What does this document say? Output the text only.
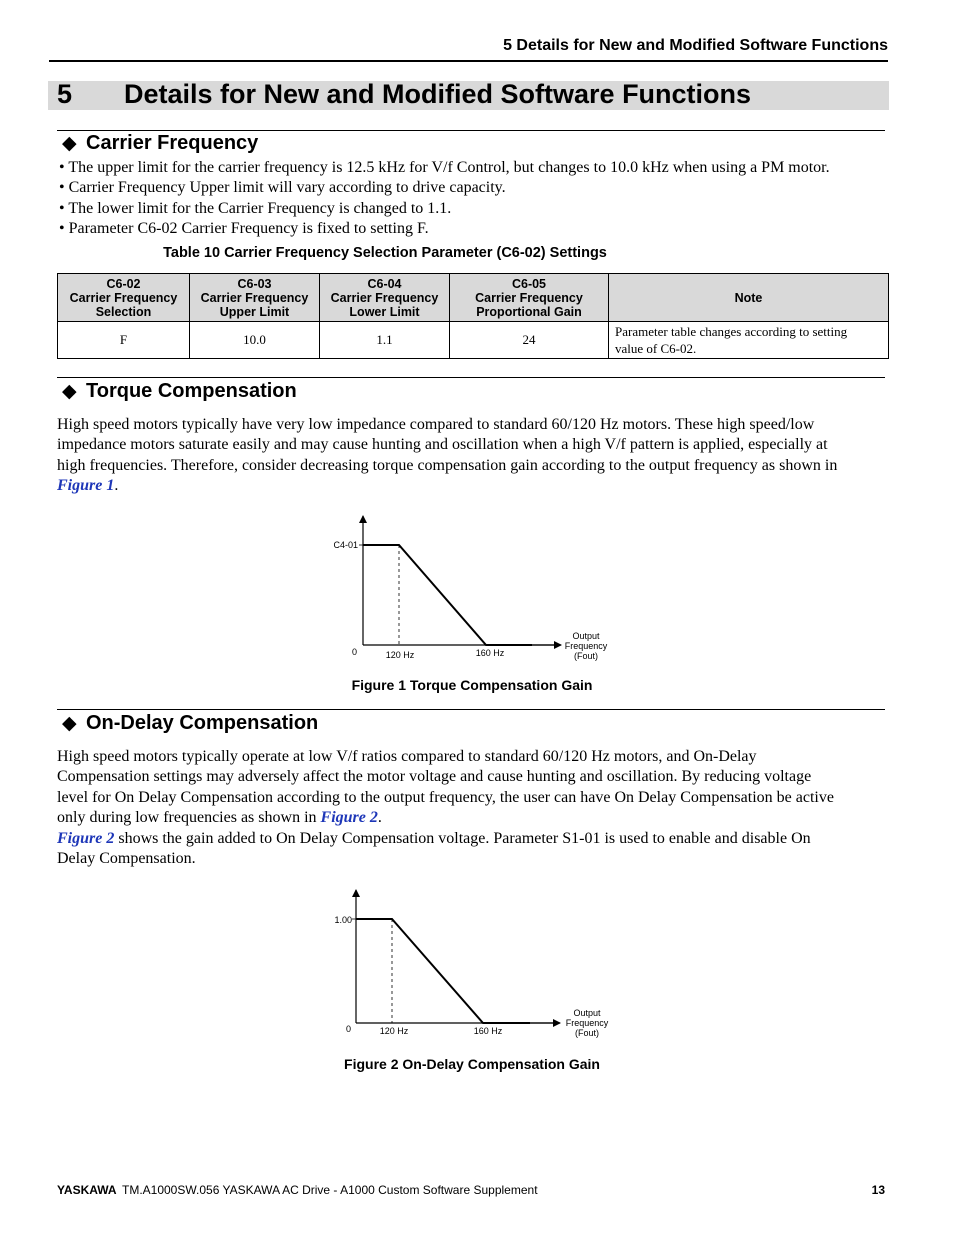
5 Details for New and Modified Software Functions
5 Details for New and Modified Software Functions
◆ Carrier Frequency
• The upper limit for the carrier frequency is 12.5 kHz for V/f Control, but changes to 10.0 kHz when using a PM motor.
• Carrier Frequency Upper limit will vary according to drive capacity.
• The lower limit for the Carrier Frequency is changed to 1.1.
• Parameter C6-02 Carrier Frequency is fixed to setting F.
Table 10 Carrier Frequency Selection Parameter (C6-02) Settings
C6-02
Carrier Frequency
Selection	C6-03
Carrier Frequency
Upper Limit	C6-04
Carrier Frequency
Lower Limit	C6-05
Carrier Frequency
Proportional Gain	Note
F	10.0	1.1	24	Parameter table changes according to setting
value of C6-02.
◆ Torque Compensation
High speed motors typically have very low impedance compared to standard 60/120 Hz motors. These high speed/low
impedance motors saturate easily and may cause hunting and oscillation when a high V/f pattern is applied, especially at
high frequencies. Therefore, consider decreasing torque compensation gain according to the output frequency as shown in
Figure 1.
C4-01
0	120 Hz	160 Hz
Output
Frequency
(Fout)
1.00
0	120 Hz	160 Hz
Output
Frequency
(Fout)
Figure 1 Torque Compensation Gain
◆ On-Delay Compensation
High speed motors typically operate at low V/f ratios compared to standard 60/120 Hz motors, and On-Delay
Compensation settings may adversely affect the motor voltage and cause hunting and oscillation. By reducing voltage
level for On Delay Compensation according to the output frequency, the user can have On Delay Compensation be active
only during low frequencies as shown in Figure 2.
Figure 2 shows the gain added to On Delay Compensation voltage. Parameter S1-01 is used to enable and disable On
Delay Compensation.
Figure 2 On-Delay Compensation Gain
YASKAWA TM.A1000SW.056 YASKAWA AC Drive - A1000 Custom Software Supplement	13
